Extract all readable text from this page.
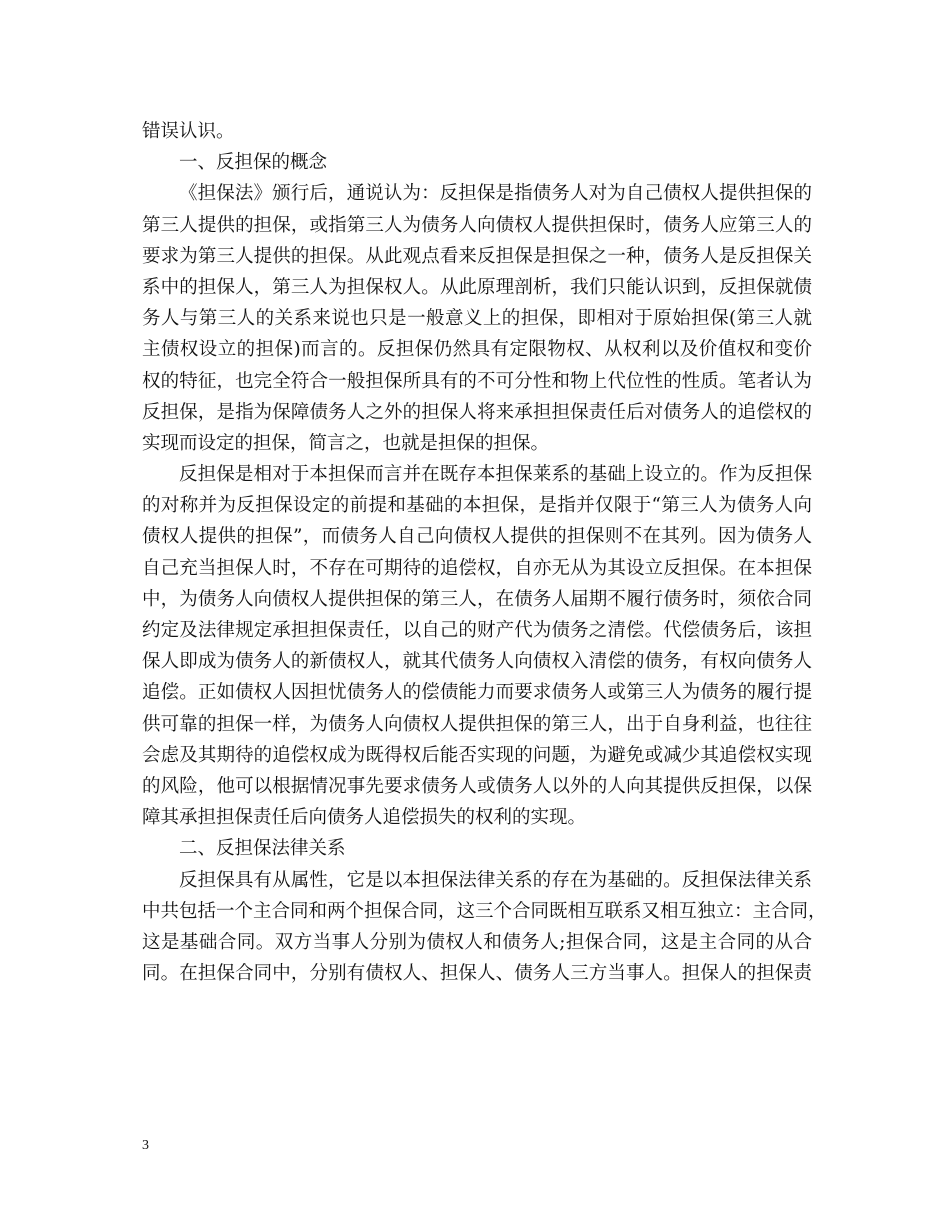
错误认识。
一、反担保的概念
《担保法》颁行后，通说认为：反担保是指债务人对为自己债权人提供担保的
第三人提供的担保，或指第三人为债务人向债权人提供担保时，债务人应第三人的
要求为第三人提供的担保。从此观点看来反担保是担保之一种，债务人是反担保关
系中的担保人，第三人为担保权人。从此原理剖析，我们只能认识到，反担保就债
务人与第三人的关系来说也只是一般意义上的担保，即相对于原始担保(第三人就
主债权设立的担保)而言的。反担保仍然具有定限物权、从权利以及价值权和变价
权的特征，也完全符合一般担保所具有的不可分性和物上代位性的性质。笔者认为
反担保，是指为保障债务人之外的担保人将来承担担保责任后对债务人的追偿权的
实现而设定的担保，简言之，也就是担保的担保。
反担保是相对于本担保而言并在既存本担保莱系的基础上设立的。作为反担保
的对称并为反担保设定的前提和基础的本担保，是指并仅限于“第三人为债务人向
债权人提供的担保”，而债务人自己向债权人提供的担保则不在其列。因为债务人
自己充当担保人时，不存在可期待的追偿权，自亦无从为其设立反担保。在本担保
中，为债务人向债权人提供担保的第三人，在债务人届期不履行债务时，须依合同
约定及法律规定承担担保责任，以自己的财产代为债务之清偿。代偿债务后，该担
保人即成为债务人的新债权人，就其代债务人向债权入清偿的债务，有权向债务人
追偿。正如债权人因担忧债务人的偿债能力而要求债务人或第三人为债务的履行提
供可靠的担保一样，为债务人向债权人提供担保的第三人，出于自身利益，也往往
会虑及其期待的追偿权成为既得权后能否实现的问题，为避免或减少其追偿权实现
的风险，他可以根据情况事先要求债务人或债务人以外的人向其提供反担保，以保
障其承担担保责任后向债务人追偿损失的权利的实现。
二、反担保法律关系
反担保具有从属性，它是以本担保法律关系的存在为基础的。反担保法律关系
中共包括一个主合同和两个担保合同，这三个合同既相互联系又相互独立：主合同，
这是基础合同。双方当事人分别为债权人和债务人;担保合同，这是主合同的从合
同。在担保合同中，分别有债权人、担保人、债务人三方当事人。担保人的担保责
3
